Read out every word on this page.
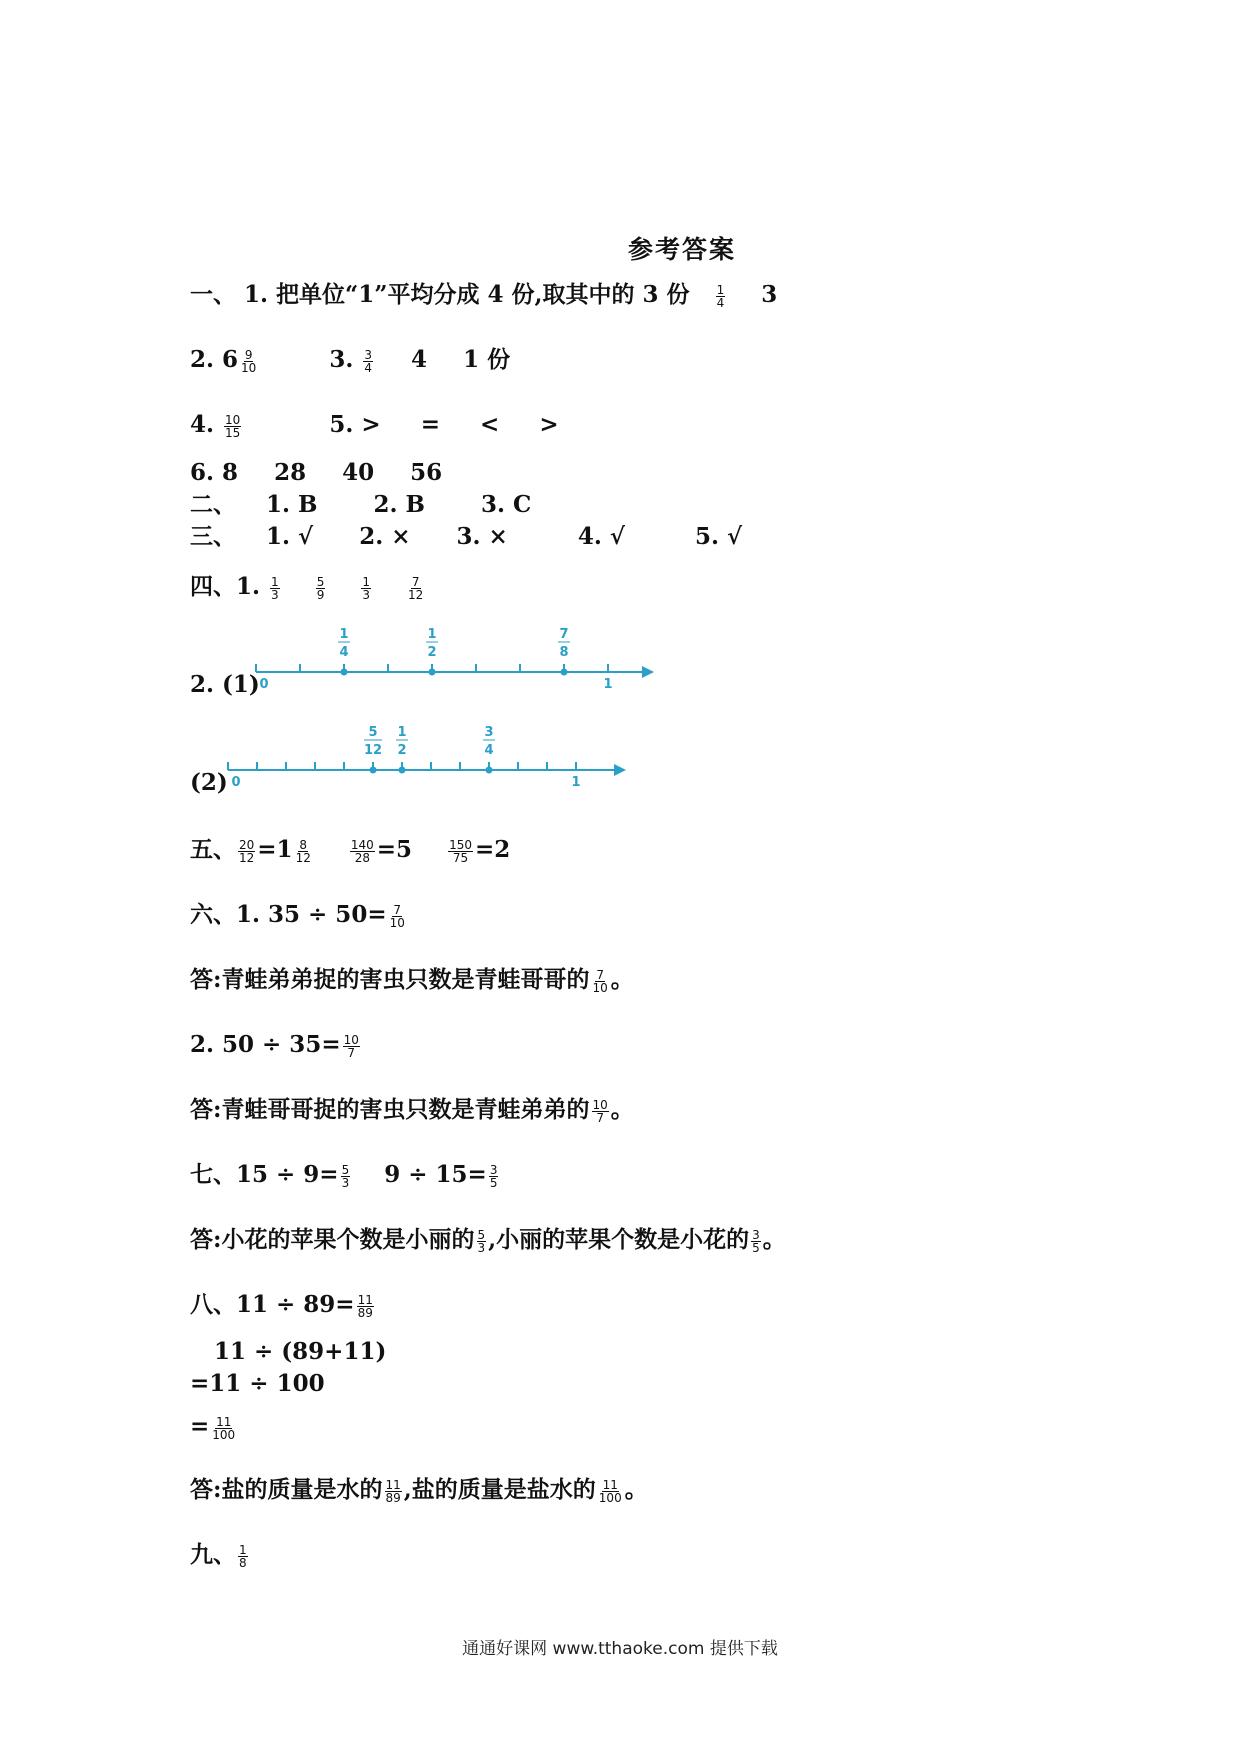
参考答案
一、 1. 把单位“1”平均分成 4 份,取其中的 3 份 $\frac{1}{4} 3$
2. $6 \frac{9}{10}$	3. $\frac{3}{4} 4$ 1 份
4. $\frac{10}{15}$	5. > = < >
6. 8 28 40 56
二、 1. B 2. B 3. C
三、 1. √ 2. × 3. ×	4. √	5. √
四、1. $\frac{1}{3}$
	$\frac{5}{9}$
	$\frac{1}{3}$
	$\frac{7}{12}$
2. (1) 0	1
1
4
1
2
7
8
(2) 0	1
5
12
1
2
3
4
五、 $\frac{20}{12} =1 \frac{8}{12}$
	$\frac{140}{28} =5$	$\frac{150}{75} =2$
六、1. $35 \div 50= \frac{7}{10}$
答:青蛙弟弟捉的害虫只数是青蛙哥哥的 $\frac{7}{10}$ 。
2. $50 \div 35= \frac{10}{7}$
答:青蛙哥哥捉的害虫只数是青蛙弟弟的 $\frac{10}{7}$ 。
七、$15 \div 9= \frac{5}{3} 9 \div 15= \frac{3}{5}$
答:小花的苹果个数是小丽的 $\frac{5}{3}$ ,小丽的苹果个数是小花的 $\frac{3}{5}$ 。
八、$11 \div 89= \frac{11}{89}$
11 ÷ (89+11)
=11 ÷ 100
= $\frac{11}{100}$
答:盐的质量是水的 $\frac{11}{89}$ ,盐的质量是盐水的 $\frac{11}{100}$ 。
九、 $\frac{1}{8}$
通通好课网 www.tthaoke.com 提供下载
